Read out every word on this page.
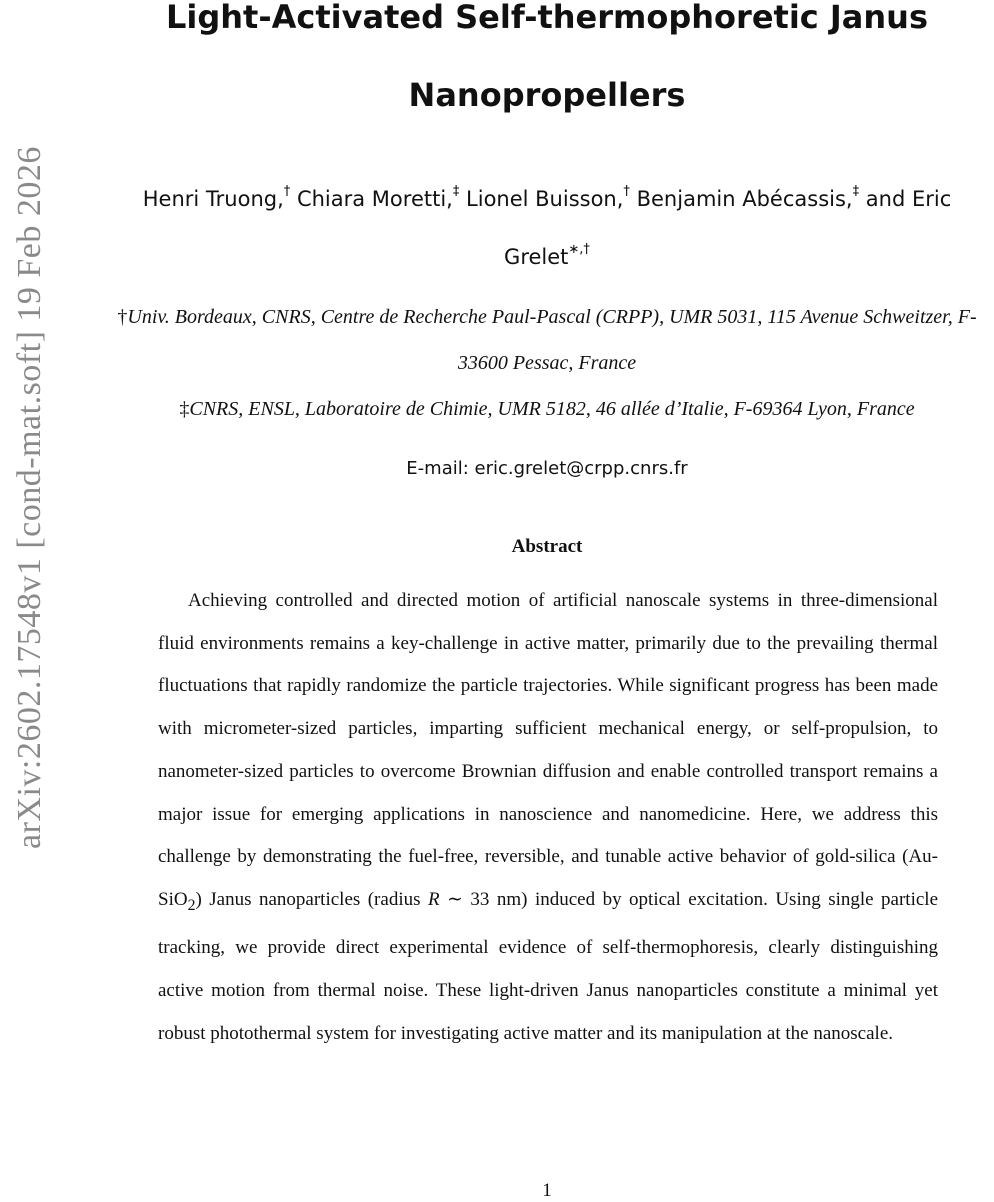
arXiv:2602.17548v1 [cond-mat.soft] 19 Feb 2026
Light-Activated Self-thermophoretic Janus
Nanopropellers
Henri Truong,† Chiara Moretti,‡ Lionel Buisson,† Benjamin Abécassis,‡ and Eric Grelet∗,†
†Univ. Bordeaux, CNRS, Centre de Recherche Paul-Pascal (CRPP), UMR 5031, 115 Avenue Schweitzer, F-33600 Pessac, France
‡CNRS, ENSL, Laboratoire de Chimie, UMR 5182, 46 allée d’Italie, F-69364 Lyon, France
E-mail: eric.grelet@crpp.cnrs.fr
Abstract

Achieving controlled and directed motion of artificial nanoscale systems in three-dimensional fluid environments remains a key-challenge in active matter, primarily due to the prevailing thermal fluctuations that rapidly randomize the particle trajectories. While significant progress has been made with micrometer-sized particles, imparting sufficient mechanical energy, or self-propulsion, to nanometer-sized particles to overcome Brownian diffusion and enable controlled transport remains a major issue for emerging applications in nanoscience and nanomedicine. Here, we address this challenge by demonstrating the fuel-free, reversible, and tunable active behavior of gold-silica (Au-SiO$_2$) Janus nanoparticles (radius R ∼ 33 nm) induced by optical excitation. Using single particle tracking, we provide direct experimental evidence of self-thermophoresis, clearly distinguishing active motion from thermal noise. These light-driven Janus nanoparticles constitute a minimal yet robust photothermal system for investigating active matter and its manipulation at the nanoscale.

1
